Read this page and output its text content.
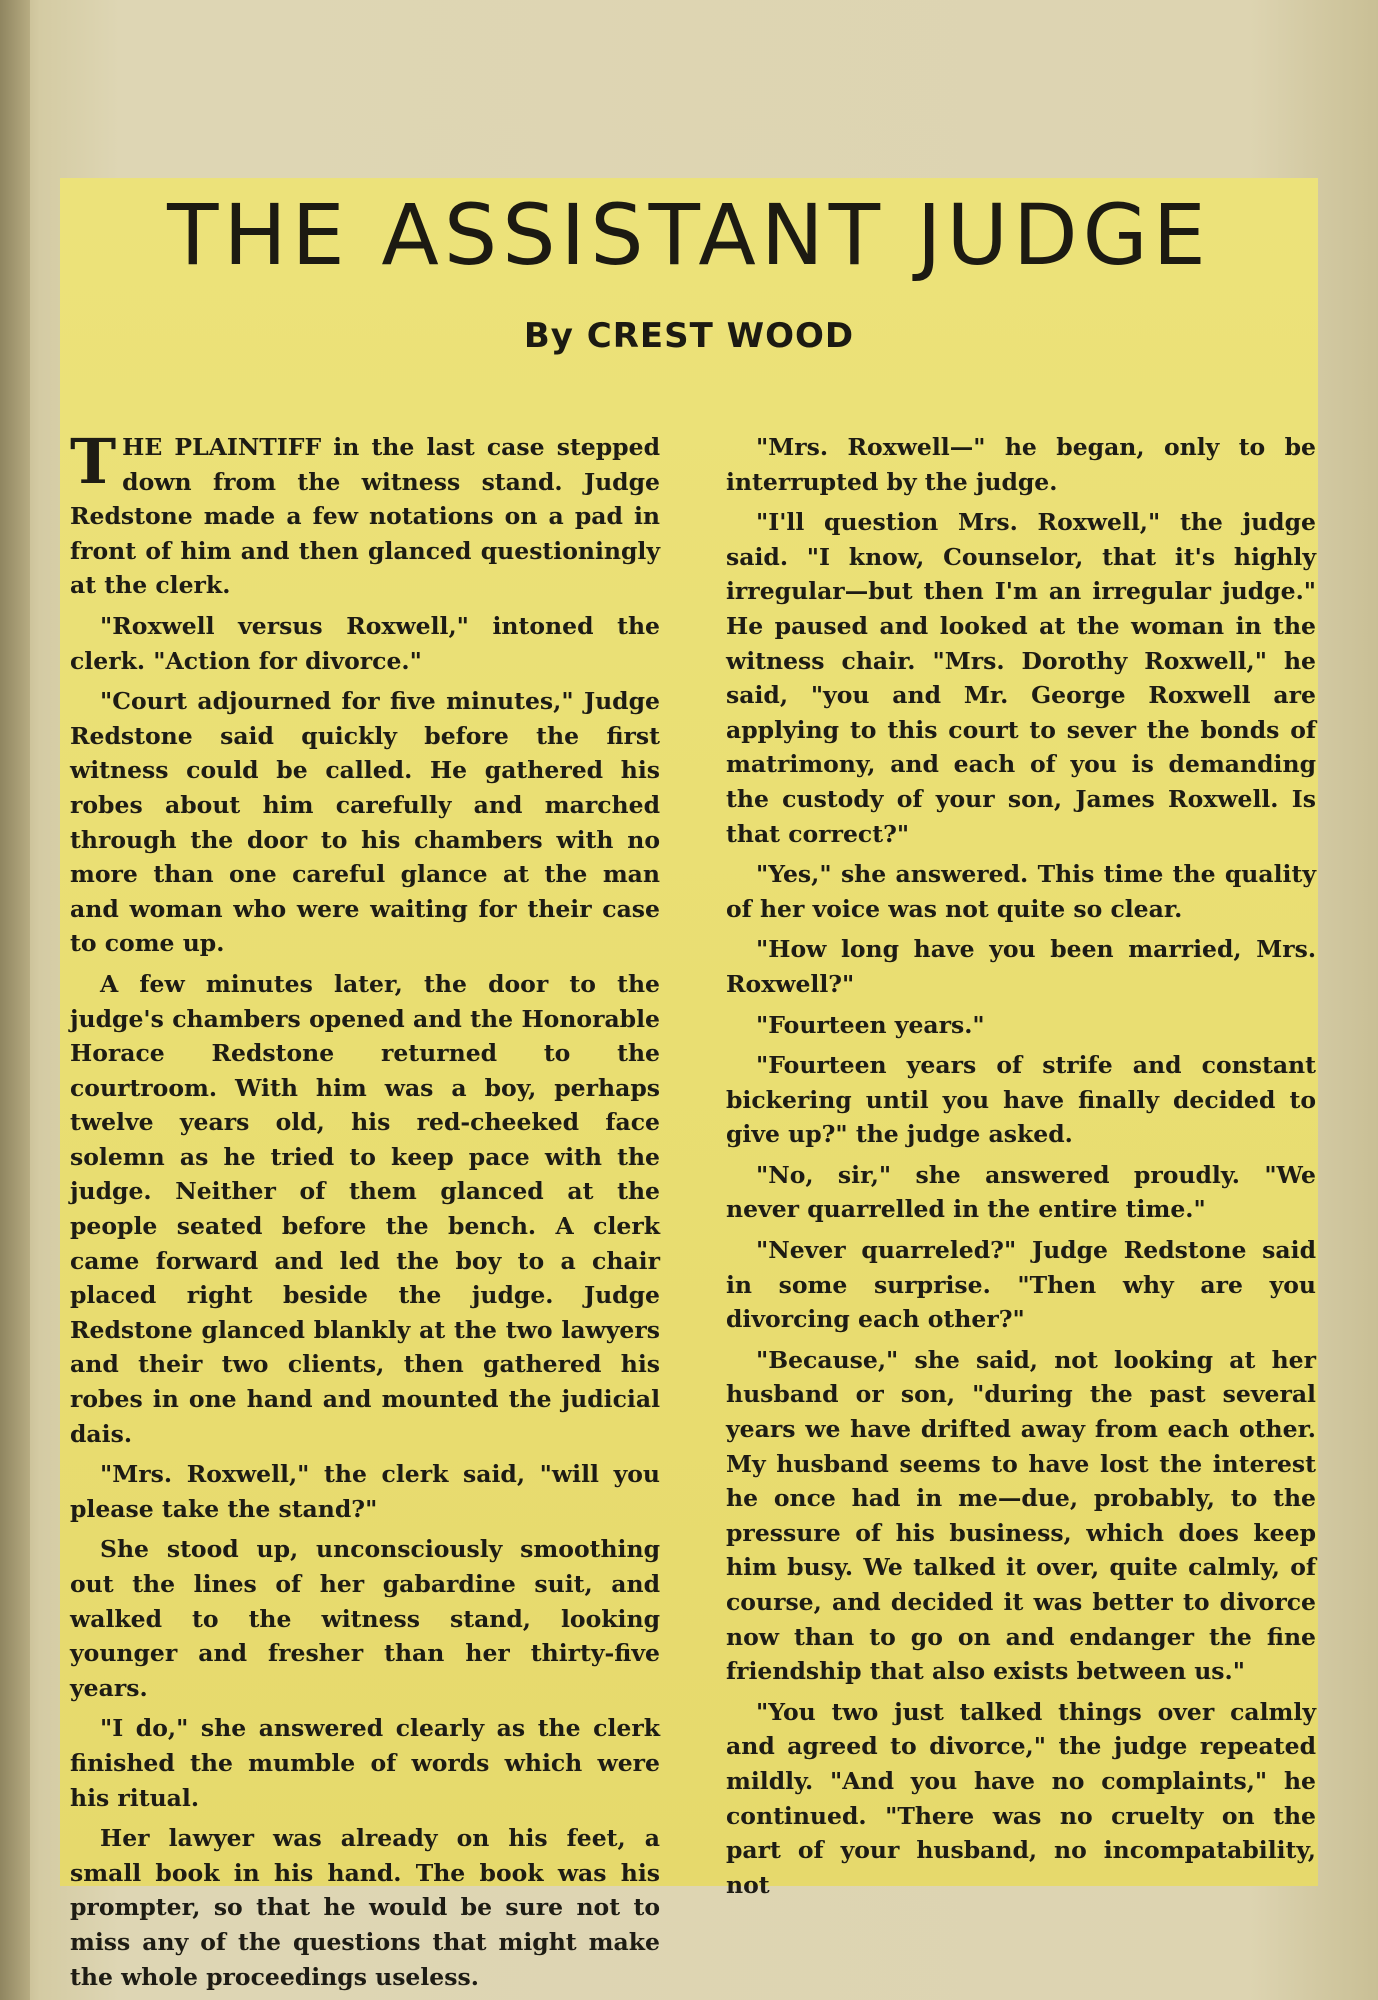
THE ASSISTANT JUDGE
By CREST WOOD

THE PLAINTIFF in the last case stepped down from the witness stand. Judge Redstone made a few notations on a pad in front of him and then glanced questioningly at the clerk.

"Roxwell versus Roxwell," intoned the clerk. "Action for divorce."

"Court adjourned for five minutes," Judge Redstone said quickly before the first witness could be called. He gathered his robes about him carefully and marched through the door to his chambers with no more than one careful glance at the man and woman who were waiting for their case to come up.

A few minutes later, the door to the judge's chambers opened and the Honorable Horace Redstone returned to the courtroom. With him was a boy, perhaps twelve years old, his red-cheeked face solemn as he tried to keep pace with the judge. Neither of them glanced at the people seated before the bench. A clerk came forward and led the boy to a chair placed right beside the judge. Judge Redstone glanced blankly at the two lawyers and their two clients, then gathered his robes in one hand and mounted the judicial dais.

"Mrs. Roxwell," the clerk said, "will you please take the stand?"

She stood up, unconsciously smoothing out the lines of her gabardine suit, and walked to the witness stand, looking younger and fresher than her thirty-five years.

"I do," she answered clearly as the clerk finished the mumble of words which were his ritual.

Her lawyer was already on his feet, a small book in his hand. The book was his prompter, so that he would be sure not to miss any of the questions that might make the whole proceedings useless.

"Mrs. Roxwell—" he began, only to be interrupted by the judge.

"I'll question Mrs. Roxwell," the judge said. "I know, Counselor, that it's highly irregular—but then I'm an irregular judge." He paused and looked at the woman in the witness chair. "Mrs. Dorothy Roxwell," he said, "you and Mr. George Roxwell are applying to this court to sever the bonds of matrimony, and each of you is demanding the custody of your son, James Roxwell. Is that correct?"

"Yes," she answered. This time the quality of her voice was not quite so clear.

"How long have you been married, Mrs. Roxwell?"

"Fourteen years."

"Fourteen years of strife and constant bickering until you have finally decided to give up?" the judge asked.

"No, sir," she answered proudly. "We never quarrelled in the entire time."

"Never quarreled?" Judge Redstone said in some surprise. "Then why are you divorcing each other?"

"Because," she said, not looking at her husband or son, "during the past several years we have drifted away from each other. My husband seems to have lost the interest he once had in me—due, probably, to the pressure of his business, which does keep him busy. We talked it over, quite calmly, of course, and decided it was better to divorce now than to go on and endanger the fine friendship that also exists between us."

"You two just talked things over calmly and agreed to divorce," the judge repeated mildly. "And you have no complaints," he continued. "There was no cruelty on the part of your husband, no incompatability, not
